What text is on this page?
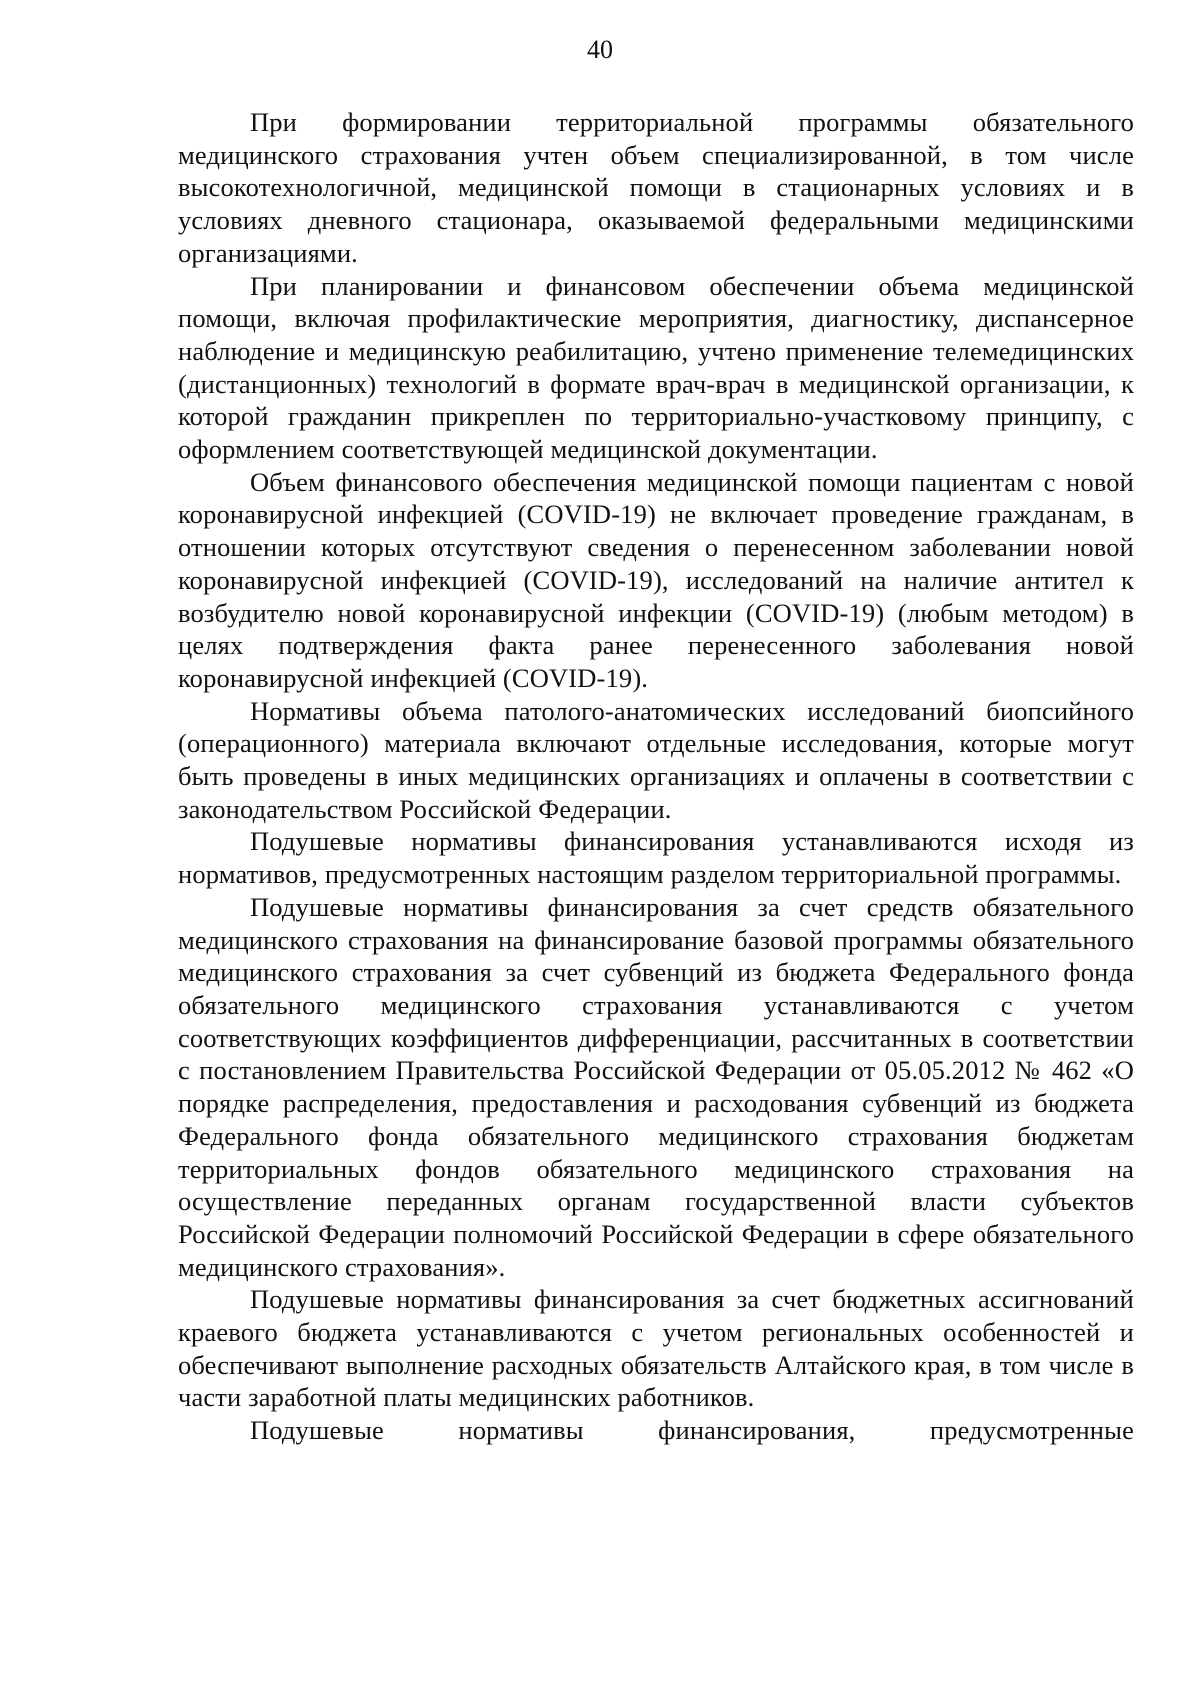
40

При формировании территориальной программы обязательного медицинского страхования учтен объем специализированной, в том числе высокотехнологичной, медицинской помощи в стационарных условиях и в условиях дневного стационара, оказываемой федеральными медицинскими организациями.

При планировании и финансовом обеспечении объема медицинской помощи, включая профилактические мероприятия, диагностику, диспансерное наблюдение и медицинскую реабилитацию, учтено применение телемедицинских (дистанционных) технологий в формате врач-врач в медицинской организации, к которой гражданин прикреплен по территориально-участковому принципу, с оформлением соответствующей медицинской документации.

Объем финансового обеспечения медицинской помощи пациентам с новой коронавирусной инфекцией (COVID-19) не включает проведение гражданам, в отношении которых отсутствуют сведения о перенесенном заболевании новой коронавирусной инфекцией (COVID-19), исследований на наличие антител к возбудителю новой коронавирусной инфекции (COVID-19) (любым методом) в целях подтверждения факта ранее перенесенного заболевания новой коронавирусной инфекцией (COVID-19).

Нормативы объема патолого-анатомических исследований биопсийного (операционного) материала включают отдельные исследования, которые могут быть проведены в иных медицинских организациях и оплачены в соответствии с законодательством Российской Федерации.

Подушевые нормативы финансирования устанавливаются исходя из нормативов, предусмотренных настоящим разделом территориальной программы.

Подушевые нормативы финансирования за счет средств обязательного медицинского страхования на финансирование базовой программы обязательного медицинского страхования за счет субвенций из бюджета Федерального фонда обязательного медицинского страхования устанавливаются с учетом соответствующих коэффициентов дифференциации, рассчитанных в соответствии с постановлением Правительства Российской Федерации от 05.05.2012 № 462 «О порядке распределения, предоставления и расходования субвенций из бюджета Федерального фонда обязательного медицинского страхования бюджетам территориальных фондов обязательного медицинского страхования на осуществление переданных органам государственной власти субъектов Российской Федерации полномочий Российской Федерации в сфере обязательного медицинского страхования».

Подушевые нормативы финансирования за счет бюджетных ассигнований краевого бюджета устанавливаются с учетом региональных особенностей и обеспечивают выполнение расходных обязательств Алтайского края, в том числе в части заработной платы медицинских работников.

Подушевые нормативы финансирования, предусмотренные
